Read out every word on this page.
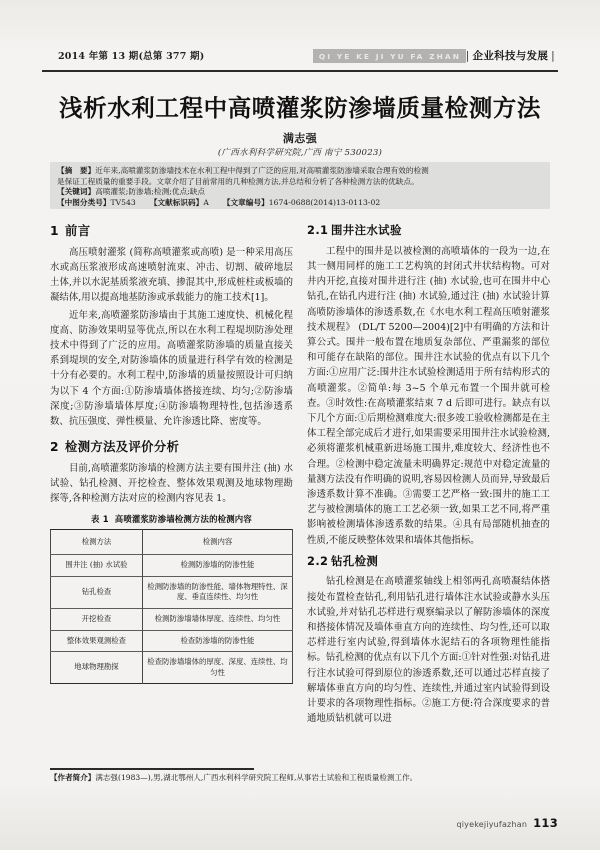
2014 年第 13 期(总第 377 期)	QI YE KE JI YU FA ZHAN | 企业科技与发展 |
浅析水利工程中高喷灌浆防渗墙质量检测方法
满志强
(广西水利科学研究院,广西 南宁 530023)
【摘　要】近年来,高喷灌浆防渗墙技术在水利工程中得到了广泛的应用,对高喷灌浆防渗墙采取合理有效的检测
是保证工程质量的重要手段。文章介绍了目前常用的几种检测方法,并总结和分析了各种检测方法的优缺点。
【关键词】高喷灌浆;防渗墙;检测;优点;缺点
【中图分类号】TV543 【文献标识码】A 【文章编号】1674-0688(2014)13-0113-02
1 前言

高压喷射灌浆 (简称高喷灌浆或高喷) 是一种采用高压水或高压浆液形成高速喷射流束、冲击、切割、破碎地层土体,并以水泥基质浆液充填、掺混其中,形成桩柱或板墙的凝结体,用以提高地基防渗或承载能力的施工技术[1]。

近年来,高喷灌浆防渗墙由于其施工速度快、机械化程度高、防渗效果明显等优点,所以在水利工程堤坝防渗处理技术中得到了广泛的应用。高喷灌浆防渗墙的质量直接关系到堤坝的安全,对防渗墙体的质量进行科学有效的检测是十分有必要的。水利工程中,防渗墙的质量按照设计可归纳为以下 4 个方面:①防渗墙墙体搭接连续、均匀;②防渗墙深度;③防渗墙墙体厚度;④防渗墙物理特性,包括渗透系数、抗压强度、弹性模量、允许渗透比降、密度等。

2 检测方法及评价分析

目前,高喷灌浆防渗墙的检测方法主要有围井注 (抽) 水试验、钻孔检测、开挖检查、整体效果观测及地球物理勘探等,各种检测方法对应的检测内容见表 1。

表 1 高喷灌浆防渗墙检测方法的检测内容
检测方法	检测内容
围井注 (抽) 水试验	检测防渗墙的防渗性能
钻孔检查	检测防渗墙的防渗性能、墙体物理特性、深度、垂直连续性、均匀性
开挖检查	检测防渗墙墙体厚度、连续性、均匀性
整体效果观测检查	检查防渗墙的防渗性能
地球物理勘探	检查防渗墙墙体的厚度、深度、连续性、均匀性
2.1 围井注水试验

工程中的围井是以被检测的高喷墙体的一段为一边,在其一侧用同样的施工工艺构筑的封闭式井状结构物。可对井内开挖,直接对围井进行注 (抽) 水试验,也可在围井中心钻孔,在钻孔内进行注 (抽) 水试验,通过注 (抽) 水试验计算高喷防渗墙体的渗透系数,在《水电水利工程高压喷射灌浆技术规程》 (DL/T 5200—2004)[2]中有明确的方法和计算公式。围井一般布置在地质复杂部位、严重漏浆的部位和可能存在缺陷的部位。围井注水试验的优点有以下几个方面:①应用广泛:围井注水试验检测适用于所有结构形式的高喷灌浆。②简单:每 3~5 个单元布置一个围井就可检查。③时效性:在高喷灌浆结束 7 d 后即可进行。缺点有以下几个方面:①后期检测难度大:很多竣工验收检测都是在主体工程全部完成后才进行,如果需要采用围井注水试验检测,必须将灌浆机械重新进场施工围井,难度较大、经济性也不合理。②检测中稳定流量未明确界定:规范中对稳定流量的量测方法没有作明确的说明,容易因检测人员而异,导致最后渗透系数计算不准确。③需要工艺严格一致:围井的施工工艺与被检测墙体的施工工艺必须一致,如果工艺不同,将严重影响被检测墙体渗透系数的结果。④具有局部随机抽查的性质,不能反映整体效果和墙体其他指标。

2.2 钻孔检测

钻孔检测是在高喷灌浆轴线上相邻两孔高喷凝结体搭接处布置检查钻孔,利用钻孔进行墙体注水试验或静水头压水试验,并对钻孔芯样进行观察编录以了解防渗墙体的深度和搭接体情况及墙体垂直方向的连续性、均匀性,还可以取芯样进行室内试验,得到墙体水泥结石的各项物理性能指标。钻孔检测的优点有以下几个方面:①针对性强:对钻孔进行注水试验可得到原位的渗透系数,还可以通过芯样直接了解墙体垂直方向的均匀性、连续性,并通过室内试验得到设计要求的各项物理性指标。②施工方便:符合深度要求的普通地质钻机就可以进

【作者简介】满志强(1983—),男,湖北鄂州人,广西水利科学研究院工程师,从事岩土试验和工程质量检测工作。
qiyekejiyufazhan 113
